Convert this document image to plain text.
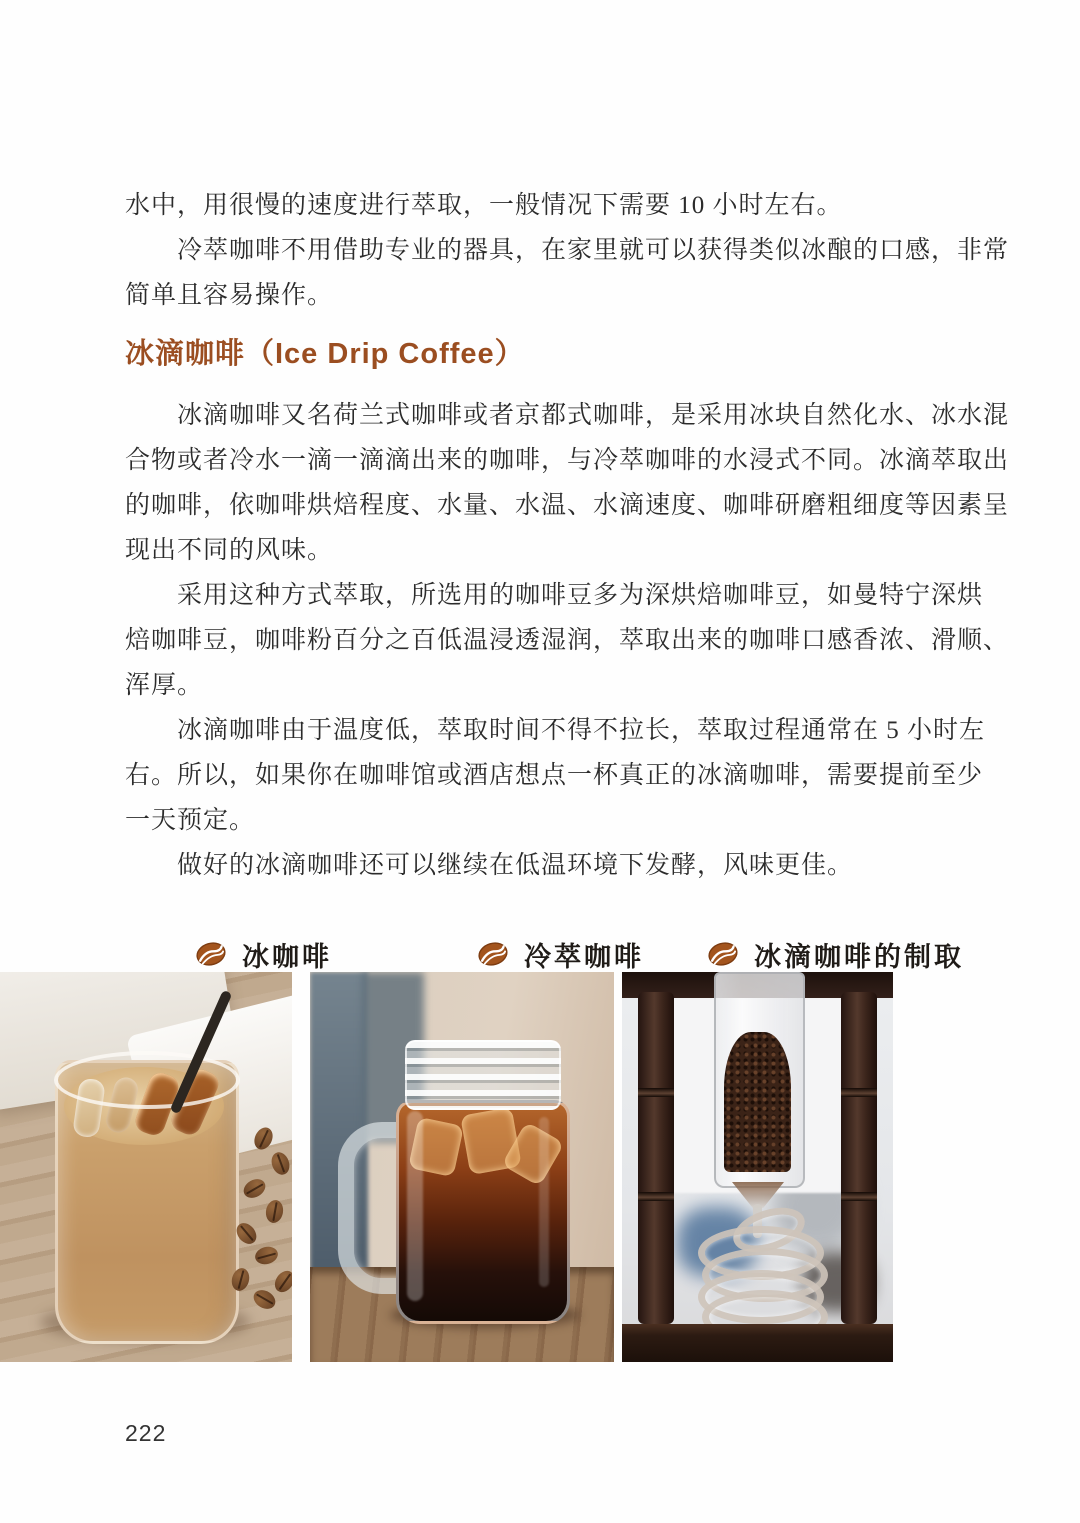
水中，用很慢的速度进行萃取，一般情况下需要 10 小时左右。
　　冷萃咖啡不用借助专业的器具，在家里就可以获得类似冰酿的口感，非常
简单且容易操作。
冰滴咖啡（Ice Drip Coffee）
　　冰滴咖啡又名荷兰式咖啡或者京都式咖啡，是采用冰块自然化水、冰水混
合物或者冷水一滴一滴滴出来的咖啡，与冷萃咖啡的水浸式不同。冰滴萃取出
的咖啡，依咖啡烘焙程度、水量、水温、水滴速度、咖啡研磨粗细度等因素呈
现出不同的风味。
　　采用这种方式萃取，所选用的咖啡豆多为深烘焙咖啡豆，如曼特宁深烘
焙咖啡豆，咖啡粉百分之百低温浸透湿润，萃取出来的咖啡口感香浓、滑顺、
浑厚。
　　冰滴咖啡由于温度低，萃取时间不得不拉长，萃取过程通常在 5 小时左
右。所以，如果你在咖啡馆或酒店想点一杯真正的冰滴咖啡，需要提前至少
一天预定。
　　做好的冰滴咖啡还可以继续在低温环境下发酵，风味更佳。
冰咖啡	冷萃咖啡	冰滴咖啡的制取
222
